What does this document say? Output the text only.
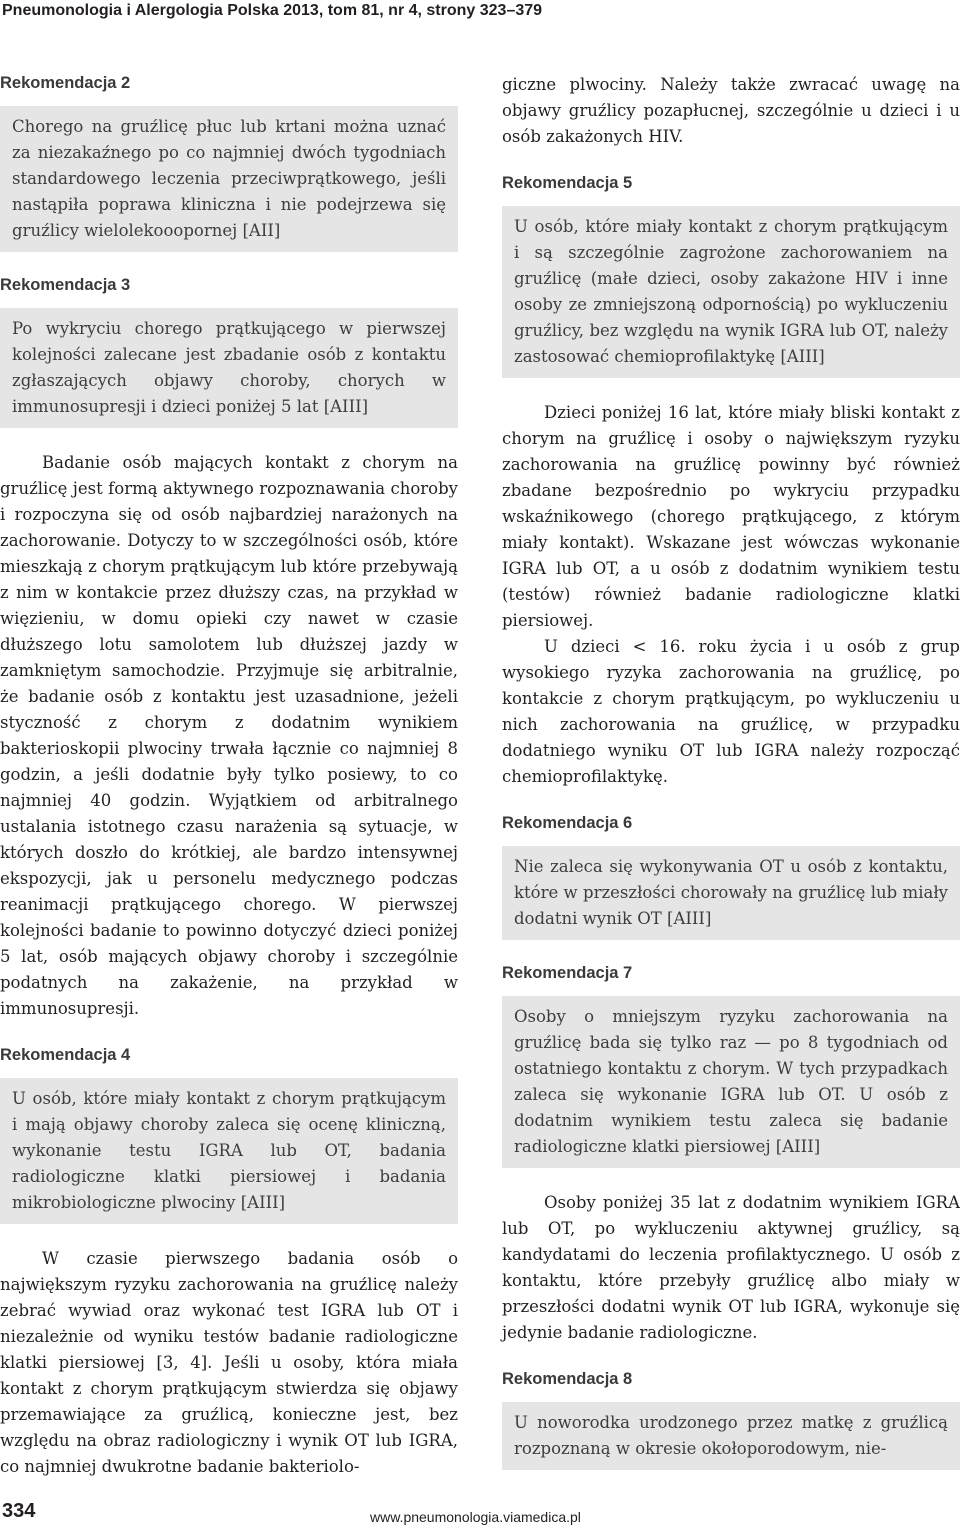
Pneumonologia i Alergologia Polska 2013, tom 81, nr 4, strony 323–379
Rekomendacja 2
Chorego na gruźlicę płuc lub krtani można uznać za niezakaźnego po co najmniej dwóch tygodniach standardowego leczenia przeciwprątkowego, jeśli nastąpiła poprawa kliniczna i nie podejrzewa się gruźlicy wielolekooopornej [AII]
Rekomendacja 3
Po wykryciu chorego prątkującego w pierwszej kolejności zalecane jest zbadanie osób z kontaktu zgłaszających objawy choroby, chorych w immunosupresji i dzieci poniżej 5 lat [AIII]

Badanie osób mających kontakt z chorym na gruźlicę jest formą aktywnego rozpoznawania choroby i rozpoczyna się od osób najbardziej narażonych na zachorowanie. Dotyczy to w szczególności osób, które mieszkają z chorym prątkującym lub które przebywają z nim w kontakcie przez dłuższy czas, na przykład w więzieniu, w domu opieki czy nawet w czasie dłuższego lotu samolotem lub dłuższej jazdy w zamkniętym samochodzie. Przyjmuje się arbitralnie, że badanie osób z kontaktu jest uzasadnione, jeżeli styczność z chorym z dodatnim wynikiem bakterioskopii plwociny trwała łącznie co najmniej 8 godzin, a jeśli dodatnie były tylko posiewy, to co najmniej 40 godzin. Wyjątkiem od arbitralnego ustalania istotnego czasu narażenia są sytuacje, w których doszło do krótkiej, ale bardzo intensywnej ekspozycji, jak u personelu medycznego podczas reanimacji prątkującego chorego. W pierwszej kolejności badanie to powinno dotyczyć dzieci poniżej 5 lat, osób mających objawy choroby i szczególnie podatnych na zakażenie, na przykład w immunosupresji.

Rekomendacja 4
U osób, które miały kontakt z chorym prątkującym i mają objawy choroby zaleca się ocenę kliniczną, wykonanie testu IGRA lub OT, badania radiologiczne klatki piersiowej i badania mikrobiologiczne plwociny [AIII]

W czasie pierwszego badania osób o największym ryzyku zachorowania na gruźlicę należy zebrać wywiad oraz wykonać test IGRA lub OT i niezależnie od wyniku testów badanie radiologiczne klatki piersiowej [3, 4]. Jeśli u osoby, która miała kontakt z chorym prątkującym stwierdza się objawy przemawiające za gruźlicą, konieczne jest, bez względu na obraz radiologiczny i wynik OT lub IGRA, co najmniej dwukrotne badanie bakteriolo-

giczne plwociny. Należy także zwracać uwagę na objawy gruźlicy pozapłucnej, szczególnie u dzieci i u osób zakażonych HIV.

Rekomendacja 5
U osób, które miały kontakt z chorym prątkującym i są szczególnie zagrożone zachorowaniem na gruźlicę (małe dzieci, osoby zakażone HIV i inne osoby ze zmniejszoną odpornością) po wykluczeniu gruźlicy, bez względu na wynik IGRA lub OT, należy zastosować chemioprofilaktykę [AIII]

Dzieci poniżej 16 lat, które miały bliski kontakt z chorym na gruźlicę i osoby o największym ryzyku zachorowania na gruźlicę powinny być również zbadane bezpośrednio po wykryciu przypadku wskaźnikowego (chorego prątkującego, z którym miały kontakt). Wskazane jest wówczas wykonanie IGRA lub OT, a u osób z dodatnim wynikiem testu (testów) również badanie radiologiczne klatki piersiowej.

U dzieci < 16. roku życia i u osób z grup wysokiego ryzyka zachorowania na gruźlicę, po kontakcie z chorym prątkującym, po wykluczeniu u nich zachorowania na gruźlicę, w przypadku dodatniego wyniku OT lub IGRA należy rozpocząć chemioprofilaktykę.

Rekomendacja 6
Nie zaleca się wykonywania OT u osób z kontaktu, które w przeszłości chorowały na gruźlicę lub miały dodatni wynik OT [AIII]
Rekomendacja 7
Osoby o mniejszym ryzyku zachorowania na gruźlicę bada się tylko raz — po 8 tygodniach od ostatniego kontaktu z chorym. W tych przypadkach zaleca się wykonanie IGRA lub OT. U osób z dodatnim wynikiem testu zaleca się badanie radiologiczne klatki piersiowej [AIII]

Osoby poniżej 35 lat z dodatnim wynikiem IGRA lub OT, po wykluczeniu aktywnej gruźlicy, są kandydatami do leczenia profilaktycznego. U osób z kontaktu, które przebyły gruźlicę albo miały w przeszłości dodatni wynik OT lub IGRA, wykonuje się jedynie badanie radiologiczne.

Rekomendacja 8
U noworodka urodzonego przez matkę z gruźlicą rozpoznaną w okresie okołoporodowym, nie-
334	www.pneumonologia.viamedica.pl
